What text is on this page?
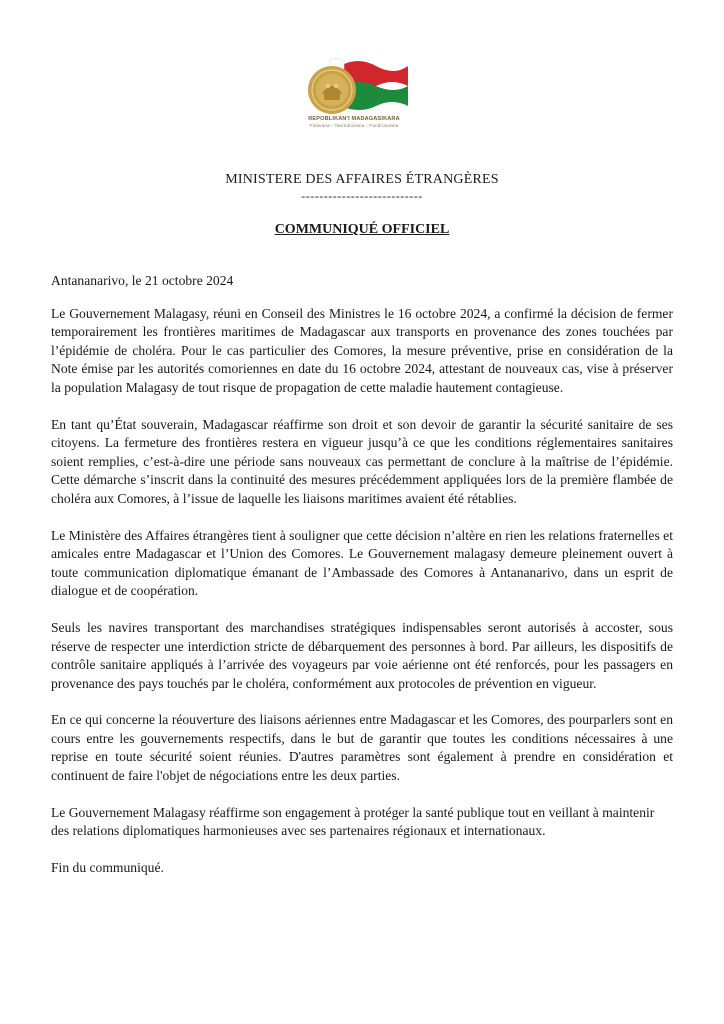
REPOBLIKAN'I MADAGASIKARA
Fitiavana - Tanindrazana - Fandrosoana
MINISTERE DES AFFAIRES ÉTRANGÈRES
---------------------------
COMMUNIQUÉ OFFICIEL

Antananarivo, le 21 octobre 2024

Le Gouvernement Malagasy, réuni en Conseil des Ministres le 16 octobre 2024, a confirmé la décision de fermer temporairement les frontières maritimes de Madagascar aux transports en provenance des zones touchées par l’épidémie de choléra. Pour le cas particulier des Comores, la mesure préventive, prise en considération de la Note émise par les autorités comoriennes en date du 16 octobre 2024, attestant de nouveaux cas, vise à préserver la population Malagasy de tout risque de propagation de cette maladie hautement contagieuse.

En tant qu’État souverain, Madagascar réaffirme son droit et son devoir de garantir la sécurité sanitaire de ses citoyens. La fermeture des frontières restera en vigueur jusqu’à ce que les conditions réglementaires sanitaires soient remplies, c’est-à-dire une période sans nouveaux cas permettant de conclure à la maîtrise de l’épidémie. Cette démarche s’inscrit dans la continuité des mesures précédemment appliquées lors de la première flambée de choléra aux Comores, à l’issue de laquelle les liaisons maritimes avaient été rétablies.

Le Ministère des Affaires étrangères tient à souligner que cette décision n’altère en rien les relations fraternelles et amicales entre Madagascar et l’Union des Comores. Le Gouvernement malagasy demeure pleinement ouvert à toute communication diplomatique émanant de l’Ambassade des Comores à Antananarivo, dans un esprit de dialogue et de coopération.

Seuls les navires transportant des marchandises stratégiques indispensables seront autorisés à accoster, sous réserve de respecter une interdiction stricte de débarquement des personnes à bord. Par ailleurs, les dispositifs de contrôle sanitaire appliqués à l’arrivée des voyageurs par voie aérienne ont été renforcés, pour les passagers en provenance des pays touchés par le choléra, conformément aux protocoles de prévention en vigueur.

En ce qui concerne la réouverture des liaisons aériennes entre Madagascar et les Comores, des pourparlers sont en cours entre les gouvernements respectifs, dans le but de garantir que toutes les conditions nécessaires à une reprise en toute sécurité soient réunies. D'autres paramètres sont également à prendre en considération et continuent de faire l'objet de négociations entre les deux parties.

Le Gouvernement Malagasy réaffirme son engagement à protéger la santé publique tout en veillant à maintenir des relations diplomatiques harmonieuses avec ses partenaires régionaux et internationaux.

Fin du communiqué.
